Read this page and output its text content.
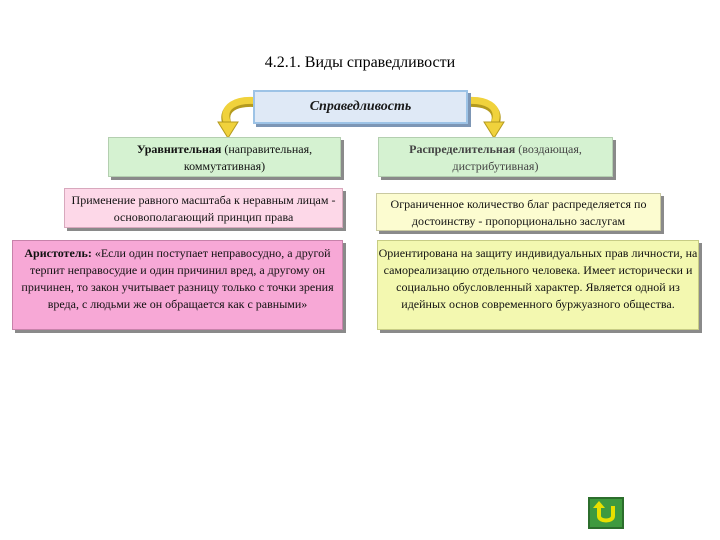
4.2.1. Виды справедливости
Справедливость
Уравнительная (направительная, коммутативная)
Распределительная (воздающая, дистрибутивная)
Применение равного масштаба к неравным лицам - основополагающий принцип права
Ограниченное количество благ распределяется по достоинству - пропорционально заслугам
Аристотель: «Если один поступает неправосудно, а другой терпит неправосудие и один причинил вред, а другому он причинен, то закон учитывает разницу только с точки зрения вреда, с людьми же он обращается как с равными»
Ориентирована на защиту индивидуальных прав личности, на самореализацию отдельного человека. Имеет исторически и социально обусловленный характер. Является одной из идейных основ современного буржуазного общества.
